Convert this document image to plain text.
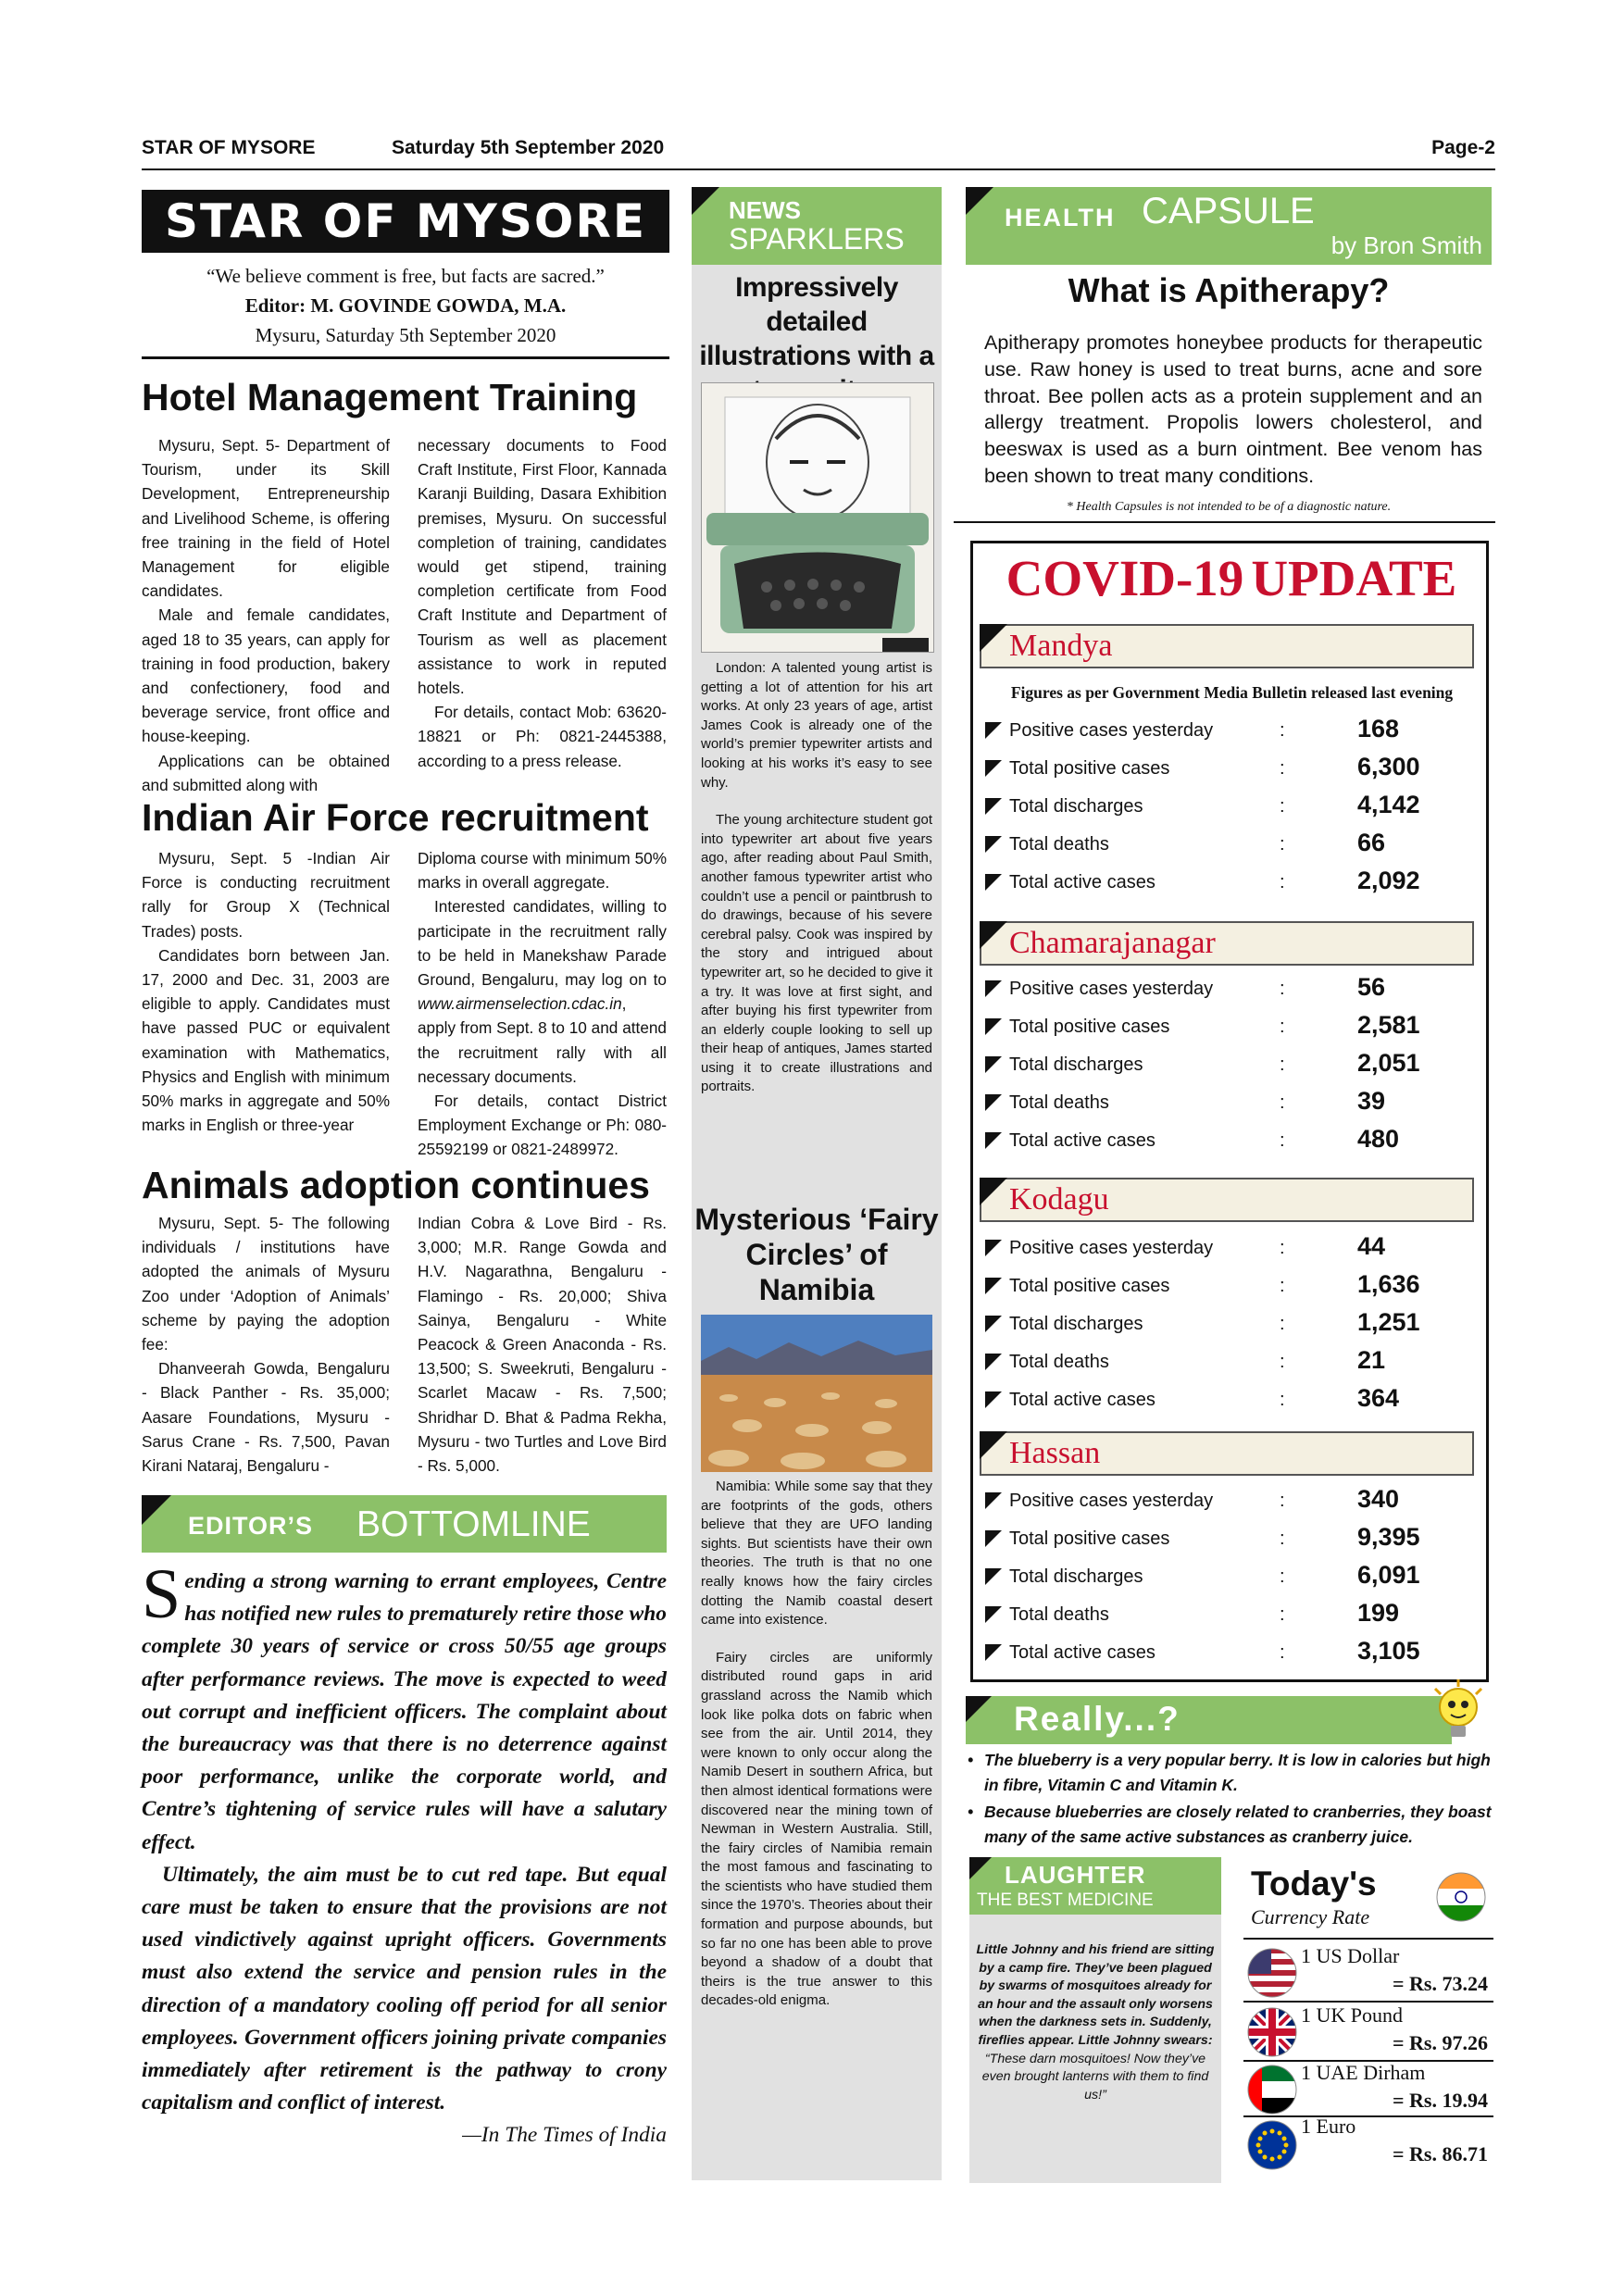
STAR OF MYSORE	Saturday 5th September 2020	Page-2
STAR OF MYSORE
“We believe comment is free, but facts are sacred.”
Editor: M. GOVINDE GOWDA, M.A.
Mysuru, Saturday 5th September 2020
Hotel Management Training

Mysuru, Sept. 5- Department of Tourism, under its Skill Development, Entrepreneurship and Livelihood Scheme, is offering free training in the field of Hotel Management for eligible candidates.

Male and female candidates, aged 18 to 35 years, can apply for training in food production, bakery and confectionery, food and beverage service, front office and house-keeping.

Applications can be obtained and submitted along with

necessary documents to Food Craft Institute, First Floor, Kannada Karanji Building, Dasara Exhibition premises, Mysuru. On successful completion of training, candidates would get stipend, training completion certificate from Food Craft Institute and Department of Tourism as well as placement assistance to work in reputed hotels.

For details, contact Mob: 63620-18821 or Ph: 0821-2445388, according to a press release.

Indian Air Force recruitment

Mysuru, Sept. 5 -Indian Air Force is conducting recruitment rally for Group X (Technical Trades) posts.

Candidates born between Jan. 17, 2000 and Dec. 31, 2003 are eligible to apply. Candidates must have passed PUC or equivalent examination with Mathematics, Physics and English with minimum 50% marks in aggregate and 50% marks in English or three-year

Diploma course with minimum 50% marks in overall aggregate.

Interested candidates, willing to participate in the recruitment rally to be held in Manekshaw Parade Ground, Bengaluru, may log on to www.airmenselection.cdac.in, apply from Sept. 8 to 10 and attend the recruitment rally with all necessary documents.

For details, contact District Employment Exchange or Ph: 080-25592199 or 0821-2489972.

Animals adoption continues

Mysuru, Sept. 5- The following individuals / institutions have adopted the animals of Mysuru Zoo under ‘Adoption of Animals’ scheme by paying the adoption fee:

Dhanveerah Gowda, Bengaluru - Black Panther - Rs. 35,000; Aasare Foundations, Mysuru - Sarus Crane - Rs. 7,500, Pavan Kirani Nataraj, Bengaluru -

Indian Cobra & Love Bird - Rs. 3,000; M.R. Range Gowda and H.V. Nagarathna, Bengaluru - Flamingo - Rs. 20,000; Shiva Sainya, Bengaluru - White Peacock & Green Anaconda - Rs. 13,500; S. Sweekruti, Bengaluru - Scarlet Macaw - Rs. 7,500; Shridhar D. Bhat & Padma Rekha, Mysuru - two Turtles and Love Bird - Rs. 5,000.

EDITOR’S BOTTOMLINE

Sending a strong warning to errant employees, Centre has notified new rules to prematurely retire those who complete 30 years of service or cross 50/55 age groups after performance reviews. The move is expected to weed out corrupt and inefficient officers. The complaint about the bureaucracy was that there is no deterrence against poor performance, unlike the corporate world, and Centre’s tightening of service rules will have a salutary effect.

Ultimately, the aim must be to cut red tape. But equal care must be taken to ensure that the provisions are not used vindictively against upright officers. Governments must also extend the service and pension rules in the direction of a mandatory cooling off period for all senior employees. Government officers joining private companies immediately after retirement is the pathway to crony capitalism and conflict of interest.

—In The Times of India

NEWS
SPARKLERS
Impressively detailed illustrations with a

London: A talented young artist is getting a lot of attention for his art works. At only 23 years of age, artist James Cook is already one of the world’s premier typewriter artists and looking at his works it’s easy to see why.

The young architecture student got into typewriter art about five years ago, after reading about Paul Smith, another famous typewriter artist who couldn’t use a pencil or paintbrush to do drawings, because of his severe cerebral palsy. Cook was inspired by the story and intrigued about typewriter art, so he decided to give it a try. It was love at first sight, and after buying his first typewriter from an elderly couple looking to sell up their heap of antiques, James started using it to create illustrations and portraits.

Mysterious ‘Fairy Circles’ of Namibia

Namibia: While some say that they are footprints of the gods, others believe that they are UFO landing sights. But scientists have their own theories. The truth is that no one really knows how the fairy circles dotting the Namib coastal desert came into existence.

Fairy circles are uniformly distributed round gaps in arid grassland across the Namib which look like polka dots on fabric when see from the air. Until 2014, they were known to only occur along the Namib Desert in southern Africa, but then almost identical formations were discovered near the mining town of Newman in Western Australia. Still, the fairy circles of Namibia remain the most famous and fascinating to the scientists who have studied them since the 1970’s. Theories about their formation and purpose abounds, but so far no one has been able to prove beyond a shadow of a doubt that theirs is the true answer to this decades-old enigma.

HEALTH CAPSULE
by Bron Smith
What is Apitherapy?
Apitherapy promotes honeybee products for therapeutic use. Raw honey is used to treat burns, acne and sore throat. Bee pollen acts as a protein supplement and an allergy treatment. Propolis lowers cholesterol, and beeswax is used as a burn ointment. Bee venom has been shown to treat many conditions.
* Health Capsules is not intended to be of a diagnostic nature.
COVID-19 UPDATE
Figures as per Government Media Bulletin released last evening
Mandya
Positive cases yesterday	:	168
Total positive cases	:	6,300
Total discharges	:	4,142
Total deaths	:	66
Total active cases	:	2,092
Chamarajanagar
Positive cases yesterday	:	56
Total positive cases	:	2,581
Total discharges	:	2,051
Total deaths	:	39
Total active cases	:	480
Kodagu
Positive cases yesterday	:	44
Total positive cases	:	1,636
Total discharges	:	1,251
Total deaths	:	21
Total active cases	:	364
Hassan
Positive cases yesterday	:	340
Total positive cases	:	9,395
Total discharges	:	6,091
Total deaths	:	199
Total active cases	:	3,105
Really...?
• The blueberry is a very popular berry. It is low in calories but high in fibre, Vitamin C and Vitamin K.
• Because blueberries are closely related to cranberries, they boast many of the same active substances as cranberry juice.
LAUGHTER
THE BEST MEDICINE
Little Johnny and his friend are sitting by a camp fire. They’ve been plagued by swarms of mosquitoes already for an hour and the assault only worsens when the darkness sets in. Suddenly, fireflies appear. Little Johnny swears: “These darn mosquitoes! Now they’ve even brought lanterns with them to find us!”
Today's
Currency Rate
1 US Dollar
= Rs. 73.24
1 UK Pound
= Rs. 97.26
1 UAE Dirham
= Rs. 19.94
1 Euro
= Rs. 86.71
